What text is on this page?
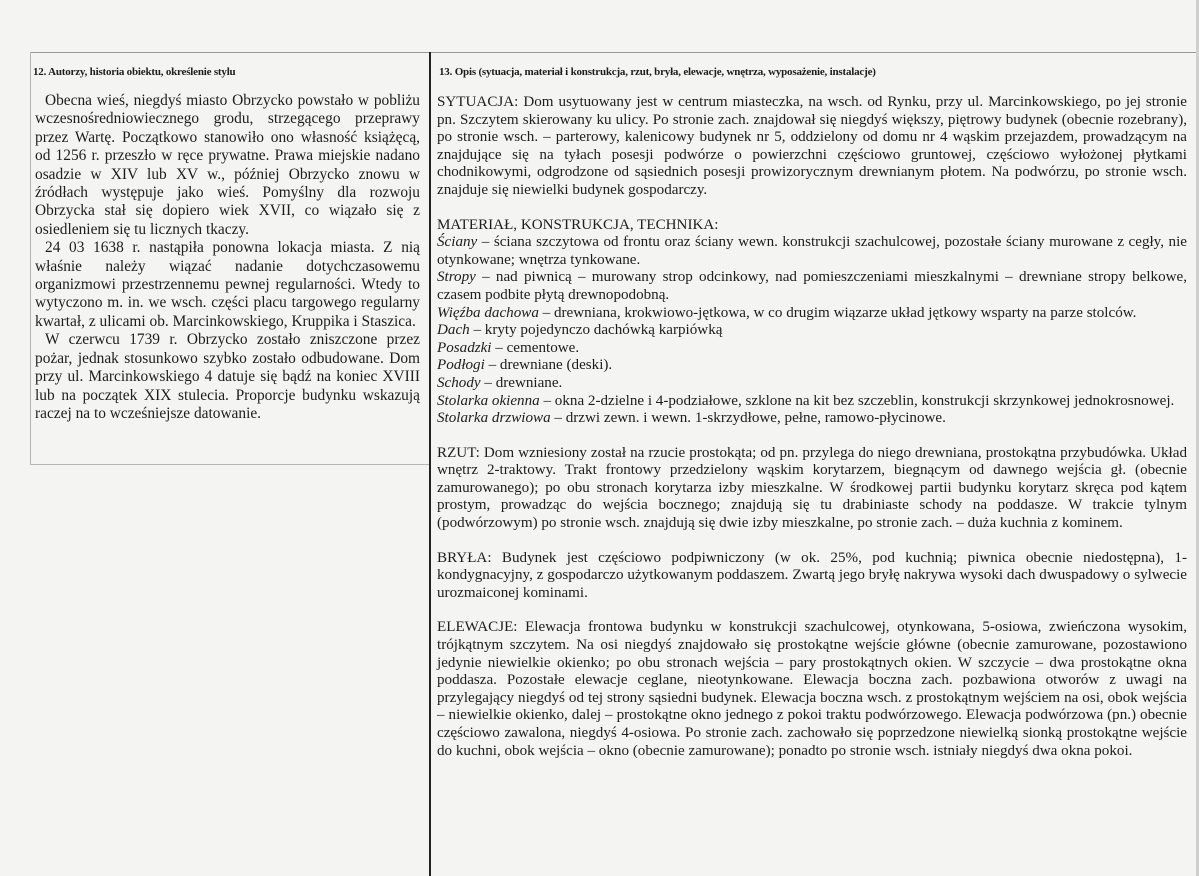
12. Autorzy, historia obiektu, określenie stylu	13. Opis (sytuacja, materiał i konstrukcja, rzut, bryła, elewacje, wnętrza, wyposażenie, instalacje)

Obecna wieś, niegdyś miasto Obrzycko powstało w pobliżu wczesnośredniowiecznego grodu, strzegącego przeprawy przez Wartę. Początkowo stanowiło ono własność książęcą, od 1256 r. przeszło w ręce prywatne. Prawa miejskie nadano osadzie w XIV lub XV w., później Obrzycko znowu w źródłach występuje jako wieś. Pomyślny dla rozwoju Obrzycka stał się dopiero wiek XVII, co wiązało się z osiedleniem się tu licznych tkaczy.

24 03 1638 r. nastąpiła ponowna lokacja miasta. Z nią właśnie należy wiązać nadanie dotychczasowemu organizmowi przestrzennemu pewnej regularności. Wtedy to wytyczono m. in. we wsch. części placu targowego regularny kwartał, z ulicami ob. Marcinkowskiego, Kruppika i Staszica.

W czerwcu 1739 r. Obrzycko zostało zniszczone przez pożar, jednak stosunkowo szybko zostało odbudowane. Dom przy ul. Marcinkowskiego 4 datuje się bądź na koniec XVIII lub na początek XIX stulecia. Proporcje budynku wskazują raczej na to wcześniejsze datowanie.

SYTUACJA: Dom usytuowany jest w centrum miasteczka, na wsch. od Rynku, przy ul. Marcinkowskiego, po jej stronie pn. Szczytem skierowany ku ulicy. Po stronie zach. znajdował się niegdyś większy, piętrowy budynek (obecnie rozebrany), po stronie wsch. – parterowy, kalenicowy budynek nr 5, oddzielony od domu nr 4 wąskim przejazdem, prowadzącym na znajdujące się na tyłach posesji podwórze o powierzchni częściowo gruntowej, częściowo wyłożonej płytkami chodnikowymi, odgrodzone od sąsiednich posesji prowizorycznym drewnianym płotem. Na podwórzu, po stronie wsch. znajduje się niewielki budynek gospodarczy.

MATERIAŁ, KONSTRUKCJA, TECHNIKA:

Ściany – ściana szczytowa od frontu oraz ściany wewn. konstrukcji szachulcowej, pozostałe ściany murowane z cegły, nie otynkowane; wnętrza tynkowane.

Stropy – nad piwnicą – murowany strop odcinkowy, nad pomieszczeniami mieszkalnymi – drewniane stropy belkowe, czasem podbite płytą drewnopodobną.

Więźba dachowa – drewniana, krokwiowo-jętkowa, w co drugim wiązarze układ jętkowy wsparty na parze stolców.

Dach – kryty pojedynczo dachówką karpiówką

Posadzki – cementowe.

Podłogi – drewniane (deski).

Schody – drewniane.

Stolarka okienna – okna 2-dzielne i 4-podziałowe, szklone na kit bez szczeblin, konstrukcji skrzynkowej jednokrosnowej.

Stolarka drzwiowa – drzwi zewn. i wewn. 1-skrzydłowe, pełne, ramowo-płycinowe.

RZUT: Dom wzniesiony został na rzucie prostokąta; od pn. przylega do niego drewniana, prostokątna przybudówka. Układ wnętrz 2-traktowy. Trakt frontowy przedzielony wąskim korytarzem, biegnącym od dawnego wejścia gł. (obecnie zamurowanego); po obu stronach korytarza izby mieszkalne. W środkowej partii budynku korytarz skręca pod kątem prostym, prowadząc do wejścia bocznego; znajdują się tu drabiniaste schody na poddasze. W trakcie tylnym (podwórzowym) po stronie wsch. znajdują się dwie izby mieszkalne, po stronie zach. – duża kuchnia z kominem.

BRYŁA: Budynek jest częściowo podpiwniczony (w ok. 25%, pod kuchnią; piwnica obecnie niedostępna), 1-kondygnacyjny, z gospodarczo użytkowanym poddaszem. Zwartą jego bryłę nakrywa wysoki dach dwuspadowy o sylwecie urozmaiconej kominami.

ELEWACJE: Elewacja frontowa budynku w konstrukcji szachulcowej, otynkowana, 5-osiowa, zwieńczona wysokim, trójkątnym szczytem. Na osi niegdyś znajdowało się prostokątne wejście główne (obecnie zamurowane, pozostawiono jedynie niewielkie okienko; po obu stronach wejścia – pary prostokątnych okien. W szczycie – dwa prostokątne okna poddasza. Pozostałe elewacje ceglane, nieotynkowane. Elewacja boczna zach. pozbawiona otworów z uwagi na przylegający niegdyś od tej strony sąsiedni budynek. Elewacja boczna wsch. z prostokątnym wejściem na osi, obok wejścia – niewielkie okienko, dalej – prostokątne okno jednego z pokoi traktu podwórzowego. Elewacja podwórzowa (pn.) obecnie częściowo zawalona, niegdyś 4-osiowa. Po stronie zach. zachowało się poprzedzone niewielką sionką prostokątne wejście do kuchni, obok wejścia – okno (obecnie zamurowane); ponadto po stronie wsch. istniały niegdyś dwa okna pokoi.
